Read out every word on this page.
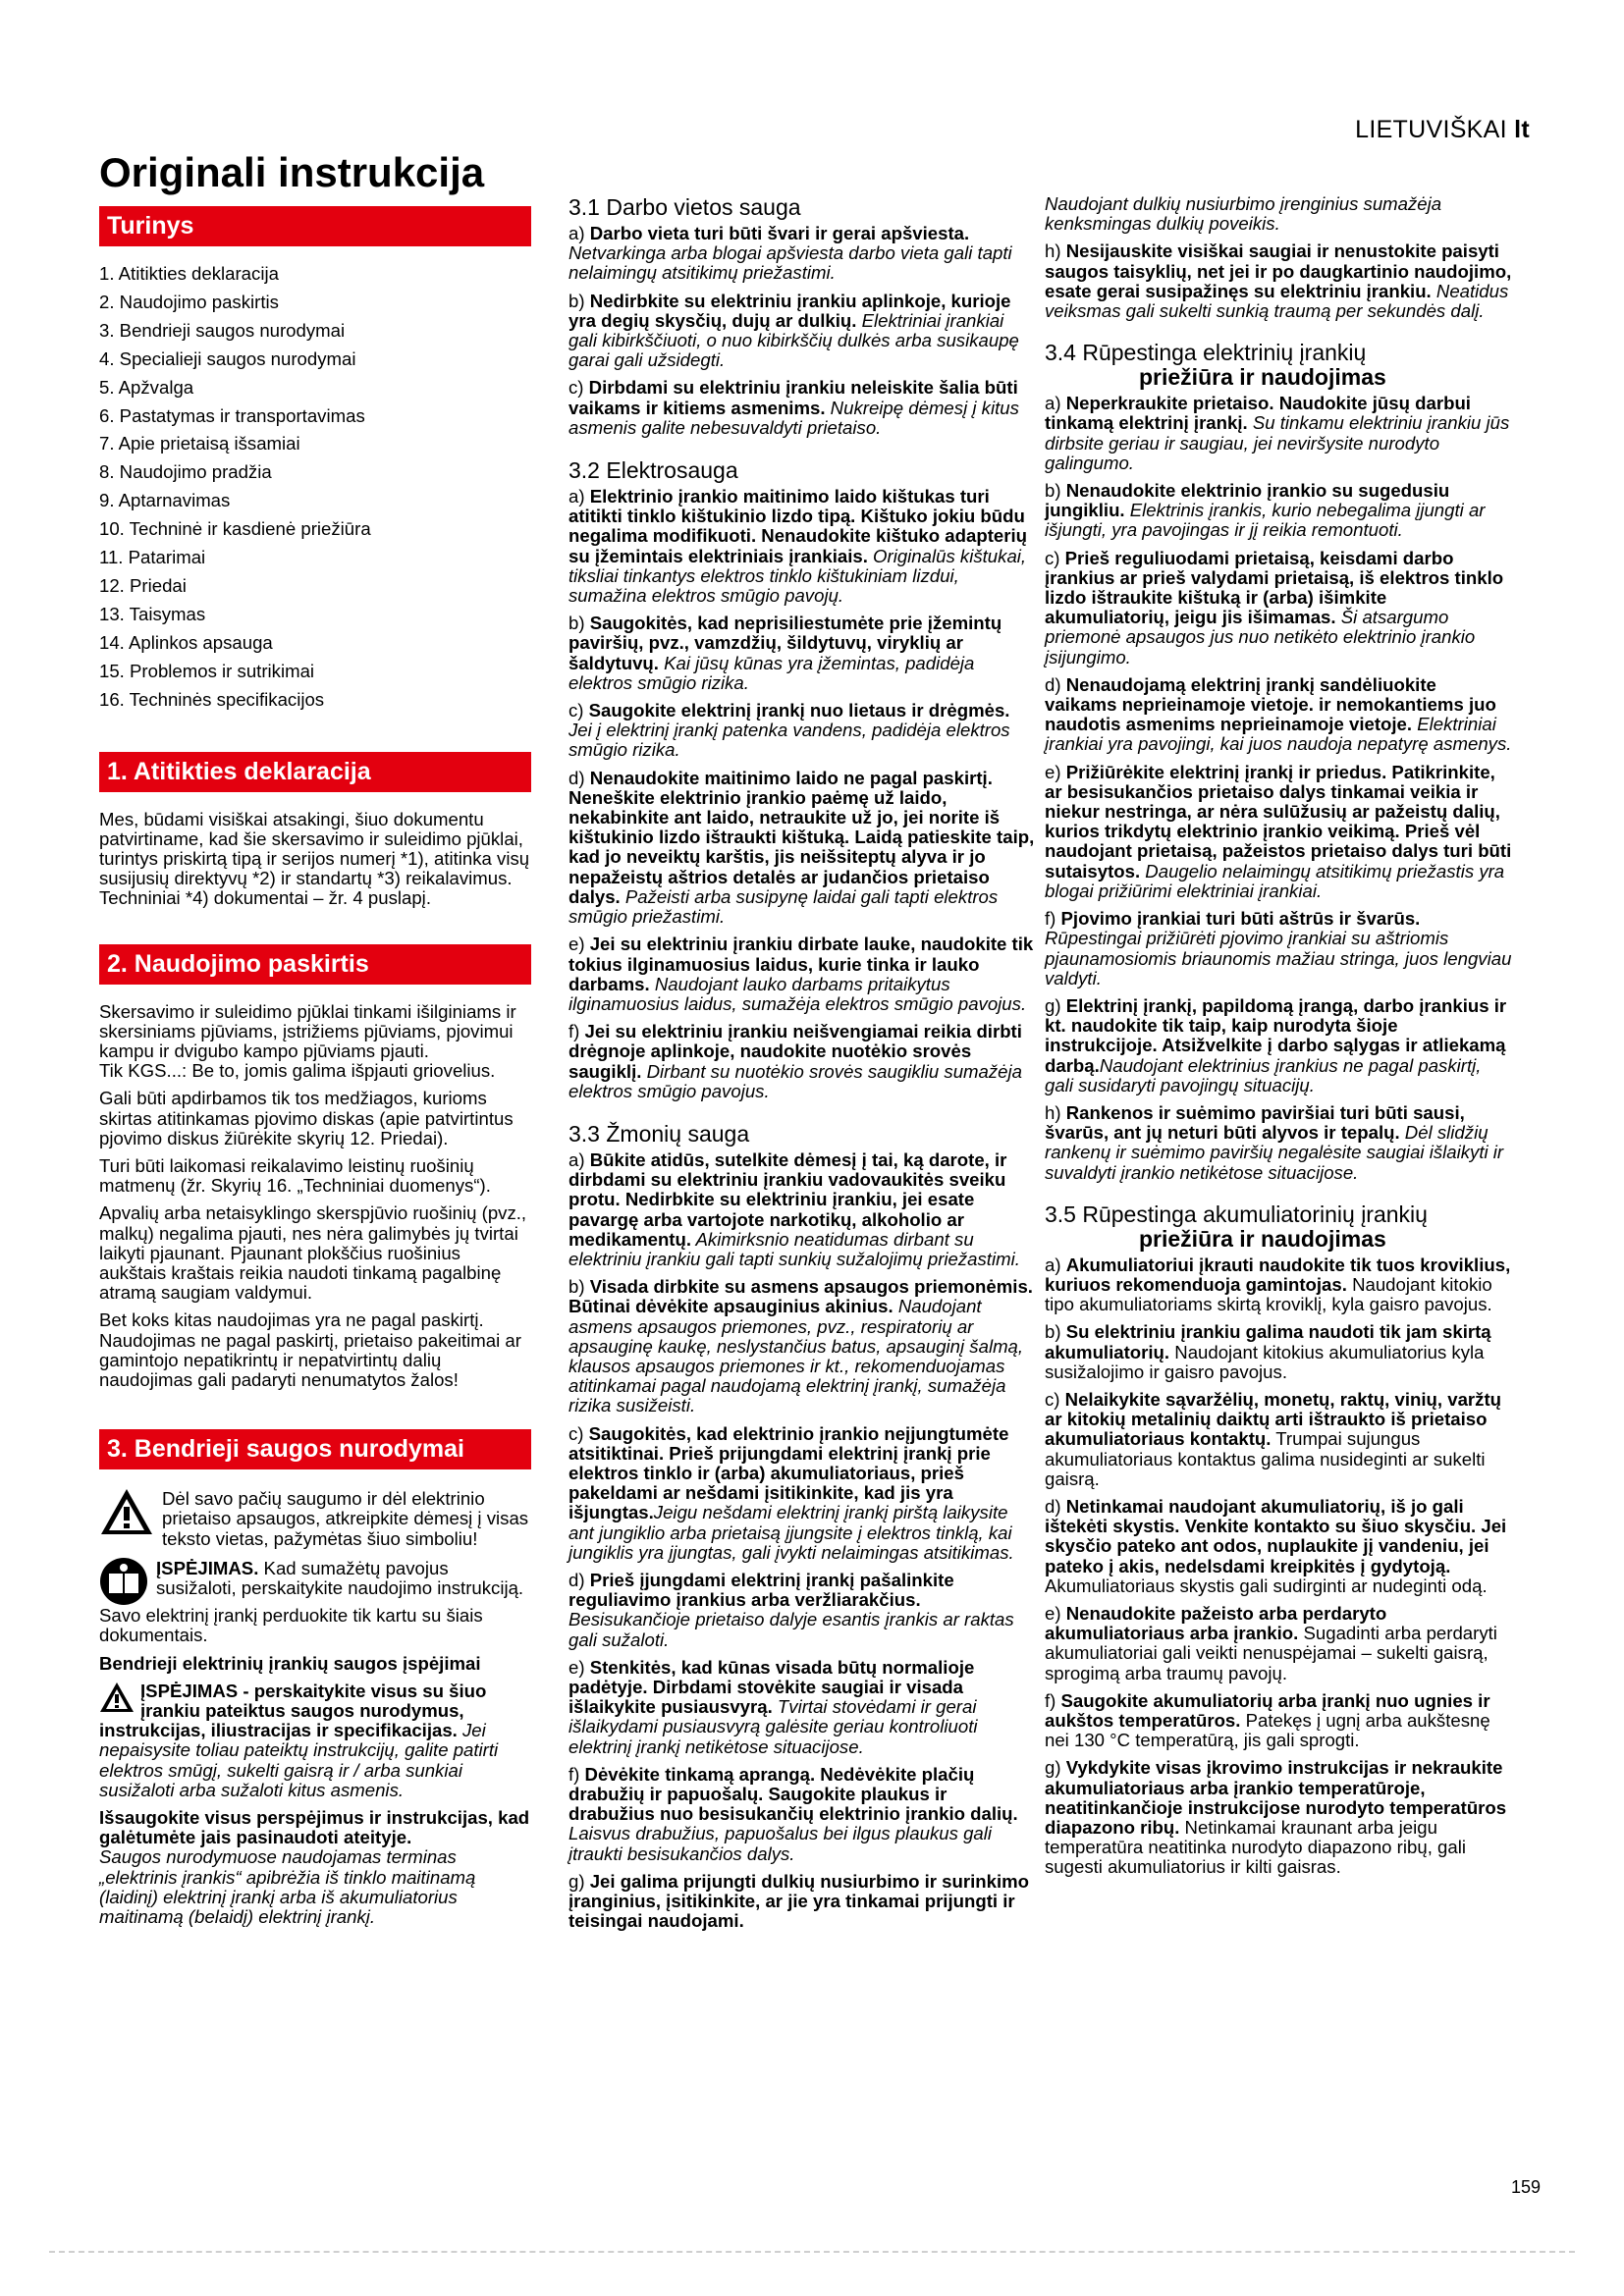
LIETUVIŠKAI lt
Originali instrukcija
Turinys
1. Atitikties deklaracija
2. Naudojimo paskirtis
3. Bendrieji saugos nurodymai
4. Specialieji saugos nurodymai
5. Apžvalga
6. Pastatymas ir transportavimas
7. Apie prietaisą išsamiai
8. Naudojimo pradžia
9. Aptarnavimas
10. Techninė ir kasdienė priežiūra
11. Patarimai
12. Priedai
13. Taisymas
14. Aplinkos apsauga
15. Problemos ir sutrikimai
16. Techninės specifikacijos
1. Atitikties deklaracija

Mes, būdami visiškai atsakingi, šiuo dokumentu patvirtiname, kad šie skersavimo ir suleidimo pjūklai, turintys priskirtą tipą ir serijos numerį *1), atitinka visų susijusių direktyvų *2) ir standartų *3) reikalavimus. Techniniai *4) dokumentai – žr. 4 puslapį.

2. Naudojimo paskirtis

Skersavimo ir suleidimo pjūklai tinkami išilginiams ir skersiniams pjūviams, įstrižiems pjūviams, pjovimui kampu ir dvigubo kampo pjūviams pjauti.

Tik KGS...: Be to, jomis galima išpjauti griovelius.

Gali būti apdirbamos tik tos medžiagos, kurioms skirtas atitinkamas pjovimo diskas (apie patvirtintus pjovimo diskus žiūrėkite skyrių 12. Priedai).

Turi būti laikomasi reikalavimo leistinų ruošinių matmenų (žr. Skyrių 16. „Techniniai duomenys“).

Apvalių arba netaisyklingo skerspjūvio ruošinių (pvz., malkų) negalima pjauti, nes nėra galimybės jų tvirtai laikyti pjaunant. Pjaunant plokščius ruošinius aukštais kraštais reikia naudoti tinkamą pagalbinę atramą saugiam valdymui.

Bet koks kitas naudojimas yra ne pagal paskirtį. Naudojimas ne pagal paskirtį, prietaiso pakeitimai ar gamintojo nepatikrintų ir nepatvirtintų dalių naudojimas gali padaryti nenumatytos žalos!

3. Bendrieji saugos nurodymai

Dėl savo pačių saugumo ir dėl elektrinio prietaiso apsaugos, atkreipkite dėmesį į visas teksto vietas, pažymėtas šiuo simboliu!

ĮSPĖJIMAS. Kad sumažėtų pavojus susižaloti, perskaitykite naudojimo instrukciją.

Savo elektrinį įrankį perduokite tik kartu su šiais dokumentais.

Bendrieji elektrinių įrankių saugos įspėjimai

ĮSPĖJIMAS - perskaitykite visus su šiuo įrankiu pateiktus saugos nurodymus, instrukcijas, iliustracijas ir specifikacijas. Jei nepaisysite toliau pateiktų instrukcijų, galite patirti elektros smūgį, sukelti gaisrą ir / arba sunkiai susižaloti arba sužaloti kitus asmenis.

Išsaugokite visus perspėjimus ir instrukcijas, kad galėtumėte jais pasinaudoti ateityje.
Saugos nurodymuose naudojamas terminas „elektrinis įrankis“ apibrėžia iš tinklo maitinamą (laidinį) elektrinį įrankį arba iš akumuliatorius maitinamą (belaidį) elektrinį įrankį.

3.1 Darbo vietos sauga

a) Darbo vieta turi būti švari ir gerai apšviesta. Netvarkinga arba blogai apšviesta darbo vieta gali tapti nelaimingų atsitikimų priežastimi.

b) Nedirbkite su elektriniu įrankiu aplinkoje, kurioje yra degių skysčių, dujų ar dulkių. Elektriniai įrankiai gali kibirkščiuoti, o nuo kibirkščių dulkės arba susikaupę garai gali užsidegti.

c) Dirbdami su elektriniu įrankiu neleiskite šalia būti vaikams ir kitiems asmenims. Nukreipę dėmesį į kitus asmenis galite nebesuvaldyti prietaiso.

3.2 Elektrosauga

a) Elektrinio įrankio maitinimo laido kištukas turi atitikti tinklo kištukinio lizdo tipą. Kištuko jokiu būdu negalima modifikuoti. Nenaudokite kištuko adapterių su įžemintais elektriniais įrankiais. Originalūs kištukai, tiksliai tinkantys elektros tinklo kištukiniam lizdui, sumažina elektros smūgio pavojų.

b) Saugokitės, kad neprisiliestumėte prie įžemintų paviršių, pvz., vamzdžių, šildytuvų, viryklių ar šaldytuvų. Kai jūsų kūnas yra įžemintas, padidėja elektros smūgio rizika.

c) Saugokite elektrinį įrankį nuo lietaus ir drėgmės. Jei į elektrinį įrankį patenka vandens, padidėja elektros smūgio rizika.

d) Nenaudokite maitinimo laido ne pagal paskirtį. Neneškite elektrinio įrankio paėmę už laido, nekabinkite ant laido, netraukite už jo, jei norite iš kištukinio lizdo ištraukti kištuką. Laidą patieskite taip, kad jo neveiktų karštis, jis neišsiteptų alyva ir jo nepažeistų aštrios detalės ar judančios prietaiso dalys. Pažeisti arba susipynę laidai gali tapti elektros smūgio priežastimi.

e) Jei su elektriniu įrankiu dirbate lauke, naudokite tik tokius ilginamuosius laidus, kurie tinka ir lauko darbams. Naudojant lauko darbams pritaikytus ilginamuosius laidus, sumažėja elektros smūgio pavojus.

f) Jei su elektriniu įrankiu neišvengiamai reikia dirbti drėgnoje aplinkoje, naudokite nuotėkio srovės saugiklį. Dirbant su nuotėkio srovės saugikliu sumažėja elektros smūgio pavojus.

3.3 Žmonių sauga

a) Būkite atidūs, sutelkite dėmesį į tai, ką darote, ir dirbdami su elektriniu įrankiu vadovaukitės sveiku protu. Nedirbkite su elektriniu įrankiu, jei esate pavargę arba vartojote narkotikų, alkoholio ar medikamentų. Akimirksnio neatidumas dirbant su elektriniu įrankiu gali tapti sunkių sužalojimų priežastimi.

b) Visada dirbkite su asmens apsaugos priemonėmis. Būtinai dėvėkite apsauginius akinius. Naudojant asmens apsaugos priemones, pvz., respiratorių ar apsauginę kaukę, neslystančius batus, apsauginį šalmą, klausos apsaugos priemones ir kt., rekomenduojamas atitinkamai pagal naudojamą elektrinį įrankį, sumažėja rizika susižeisti.

c) Saugokitės, kad elektrinio įrankio neįjungtumėte atsitiktinai. Prieš prijungdami elektrinį įrankį prie elektros tinklo ir (arba) akumuliatoriaus, prieš pakeldami ar nešdami įsitikinkite, kad jis yra išjungtas.Jeigu nešdami elektrinį įrankį pirštą laikysite ant jungiklio arba prietaisą įjungsite į elektros tinklą, kai jungiklis yra įjungtas, gali įvykti nelaimingas atsitikimas.

d) Prieš įjungdami elektrinį įrankį pašalinkite reguliavimo įrankius arba veržliarakčius. Besisukančioje prietaiso dalyje esantis įrankis ar raktas gali sužaloti.

e) Stenkitės, kad kūnas visada būtų normalioje padėtyje. Dirbdami stovėkite saugiai ir visada išlaikykite pusiausvyrą. Tvirtai stovėdami ir gerai išlaikydami pusiausvyrą galėsite geriau kontroliuoti elektrinį įrankį netikėtose situacijose.

f) Dėvėkite tinkamą aprangą. Nedėvėkite plačių drabužių ir papuošalų. Saugokite plaukus ir drabužius nuo besisukančių elektrinio įrankio dalių. Laisvus drabužius, papuošalus bei ilgus plaukus gali įtraukti besisukančios dalys.

g) Jei galima prijungti dulkių nusiurbimo ir surinkimo įranginius, įsitikinkite, ar jie yra tinkamai prijungti ir teisingai naudojami.

Naudojant dulkių nusiurbimo įrenginius sumažėja kenksmingas dulkių poveikis.

h) Nesijauskite visiškai saugiai ir nenustokite paisyti saugos taisyklių, net jei ir po daugkartinio naudojimo, esate gerai susipažinęs su elektriniu įrankiu. Neatidus veiksmas gali sukelti sunkią traumą per sekundės dalį.

3.4 Rūpestinga elektrinių įrankių
priežiūra ir naudojimas

a) Neperkraukite prietaiso. Naudokite jūsų darbui tinkamą elektrinį įrankį. Su tinkamu elektriniu įrankiu jūs dirbsite geriau ir saugiau, jei neviršysite nurodyto galingumo.

b) Nenaudokite elektrinio įrankio su sugedusiu jungikliu. Elektrinis įrankis, kurio nebegalima įjungti ar išjungti, yra pavojingas ir jį reikia remontuoti.

c) Prieš reguliuodami prietaisą, keisdami darbo įrankius ar prieš valydami prietaisą, iš elektros tinklo lizdo ištraukite kištuką ir (arba) išimkite akumuliatorių, jeigu jis išimamas. Ši atsargumo priemonė apsaugos jus nuo netikėto elektrinio įrankio įsijungimo.

d) Nenaudojamą elektrinį įrankį sandėliuokite vaikams neprieinamoje vietoje. ir nemokantiems juo naudotis asmenims neprieinamoje vietoje. Elektriniai įrankiai yra pavojingi, kai juos naudoja nepatyrę asmenys.

e) Prižiūrėkite elektrinį įrankį ir priedus. Patikrinkite, ar besisukančios prietaiso dalys tinkamai veikia ir niekur nestringa, ar nėra sulūžusių ar pažeistų dalių, kurios trikdytų elektrinio įrankio veikimą. Prieš vėl naudojant prietaisą, pažeistos prietaiso dalys turi būti sutaisytos. Daugelio nelaimingų atsitikimų priežastis yra blogai prižiūrimi elektriniai įrankiai.

f) Pjovimo įrankiai turi būti aštrūs ir švarūs. Rūpestingai prižiūrėti pjovimo įrankiai su aštriomis pjaunamosiomis briaunomis mažiau stringa, juos lengviau valdyti.

g) Elektrinį įrankį, papildomą įrangą, darbo įrankius ir kt. naudokite tik taip, kaip nurodyta šioje instrukcijoje. Atsižvelkite į darbo sąlygas ir atliekamą darbą.Naudojant elektrinius įrankius ne pagal paskirtį, gali susidaryti pavojingų situacijų.

h) Rankenos ir suėmimo paviršiai turi būti sausi, švarūs, ant jų neturi būti alyvos ir tepalų. Dėl slidžių rankenų ir suėmimo paviršių negalėsite saugiai išlaikyti ir suvaldyti įrankio netikėtose situacijose.

3.5 Rūpestinga akumuliatorinių įrankių
priežiūra ir naudojimas

a) Akumuliatoriui įkrauti naudokite tik tuos kroviklius, kuriuos rekomenduoja gamintojas. Naudojant kitokio tipo akumuliatoriams skirtą kroviklį, kyla gaisro pavojus.

b) Su elektriniu įrankiu galima naudoti tik jam skirtą akumuliatorių. Naudojant kitokius akumuliatorius kyla susižalojimo ir gaisro pavojus.

c) Nelaikykite sąvaržėlių, monetų, raktų, vinių, varžtų ar kitokių metalinių daiktų arti ištraukto iš prietaiso akumuliatoriaus kontaktų. Trumpai sujungus akumuliatoriaus kontaktus galima nusideginti ar sukelti gaisrą.

d) Netinkamai naudojant akumuliatorių, iš jo gali ištekėti skystis. Venkite kontakto su šiuo skysčiu. Jei skysčio pateko ant odos, nuplaukite jį vandeniu, jei pateko į akis, nedelsdami kreipkitės į gydytoją. Akumuliatoriaus skystis gali sudirginti ar nudeginti odą.

e) Nenaudokite pažeisto arba perdaryto akumuliatoriaus arba įrankio. Sugadinti arba perdaryti akumuliatoriai gali veikti nenuspėjamai – sukelti gaisrą, sprogimą arba traumų pavojų.

f) Saugokite akumuliatorių arba įrankį nuo ugnies ir aukštos temperatūros. Patekęs į ugnį arba aukštesnę nei 130 °C temperatūrą, jis gali sprogti.

g) Vykdykite visas įkrovimo instrukcijas ir nekraukite akumuliatoriaus arba įrankio temperatūroje, neatitinkančioje instrukcijose nurodyto temperatūros diapazono ribų. Netinkamai kraunant arba jeigu temperatūra neatitinka nurodyto diapazono ribų, gali sugesti akumuliatorius ir kilti gaisras.

159
